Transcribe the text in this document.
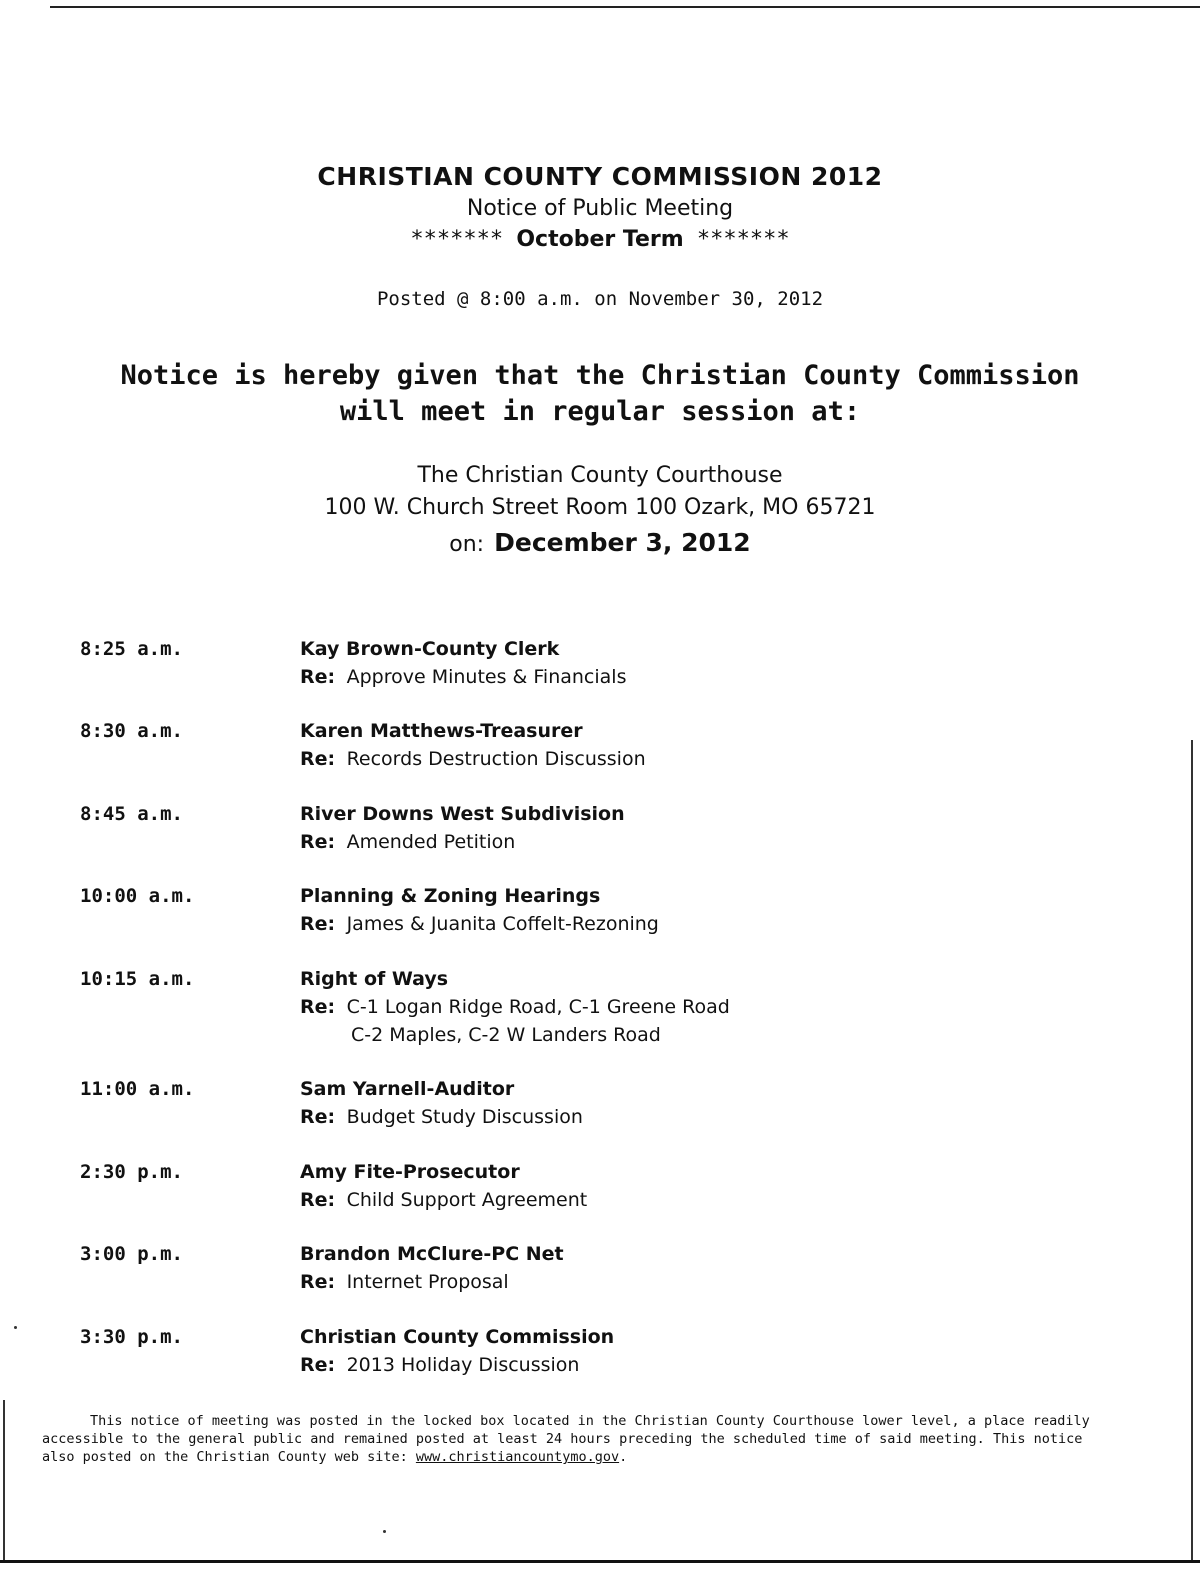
CHRISTIAN COUNTY COMMISSION 2012
Notice of Public Meeting
******* October Term *******
Posted @ 8:00 a.m. on November 30, 2012
Notice is hereby given that the Christian County Commission
will meet in regular session at:
The Christian County Courthouse
100 W. Church Street Room 100 Ozark, MO 65721
on: December 3, 2012
8:25 a.m.	Kay Brown-County Clerk
Re: Approve Minutes & Financials
8:30 a.m.	Karen Matthews-Treasurer
Re: Records Destruction Discussion
8:45 a.m.	River Downs West Subdivision
Re: Amended Petition
10:00 a.m.	Planning & Zoning Hearings
Re: James & Juanita Coffelt-Rezoning
10:15 a.m.	Right of Ways
Re: C-1 Logan Ridge Road, C-1 Greene Road
C-2 Maples, C-2 W Landers Road
11:00 a.m.	Sam Yarnell-Auditor
Re: Budget Study Discussion
2:30 p.m.	Amy Fite-Prosecutor
Re: Child Support Agreement
3:00 p.m.	Brandon McClure-PC Net
Re: Internet Proposal
3:30 p.m.	Christian County Commission
Re: 2013 Holiday Discussion
This notice of meeting was posted in the locked box located in the Christian County Courthouse lower level, a place readily accessible to the general public and remained posted at least 24 hours preceding the scheduled time of said meeting. This notice also posted on the Christian County web site: www.christiancountymo.gov.
